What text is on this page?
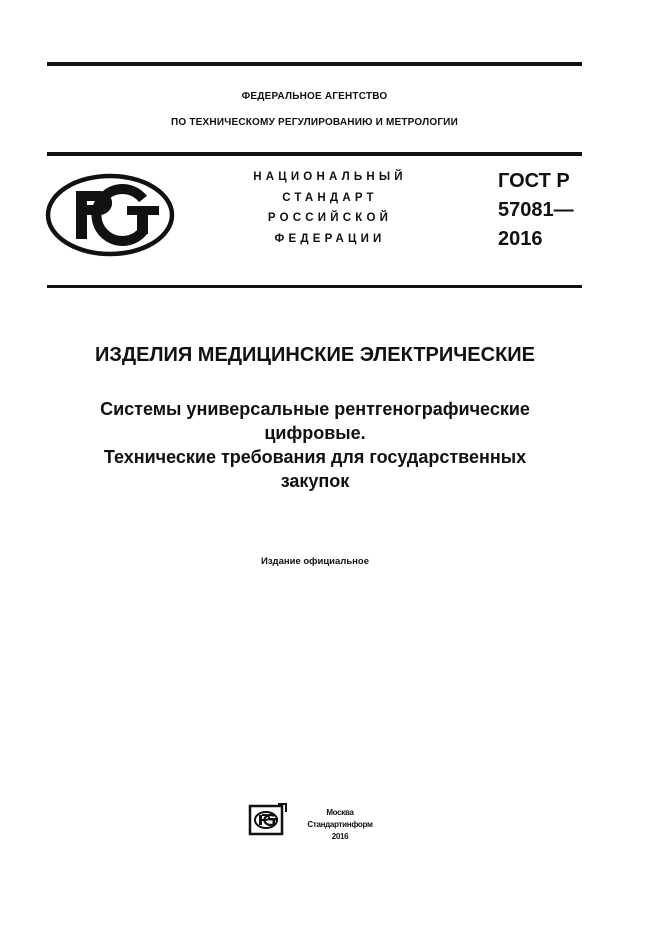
ФЕДЕРАЛЬНОЕ АГЕНТСТВО
ПО ТЕХНИЧЕСКОМУ РЕГУЛИРОВАНИЮ И МЕТРОЛОГИИ
НАЦИОНАЛЬНЫЙ
СТАНДАРТ
РОССИЙСКОЙ
ФЕДЕРАЦИИ
ГОСТ Р
57081—
2016
ИЗДЕЛИЯ МЕДИЦИНСКИЕ ЭЛЕКТРИЧЕСКИЕ
Системы универсальные рентгенографические
цифровые.
Технические требования для государственных
закупок
Издание официальное
Москва
Стандартинформ
2016
